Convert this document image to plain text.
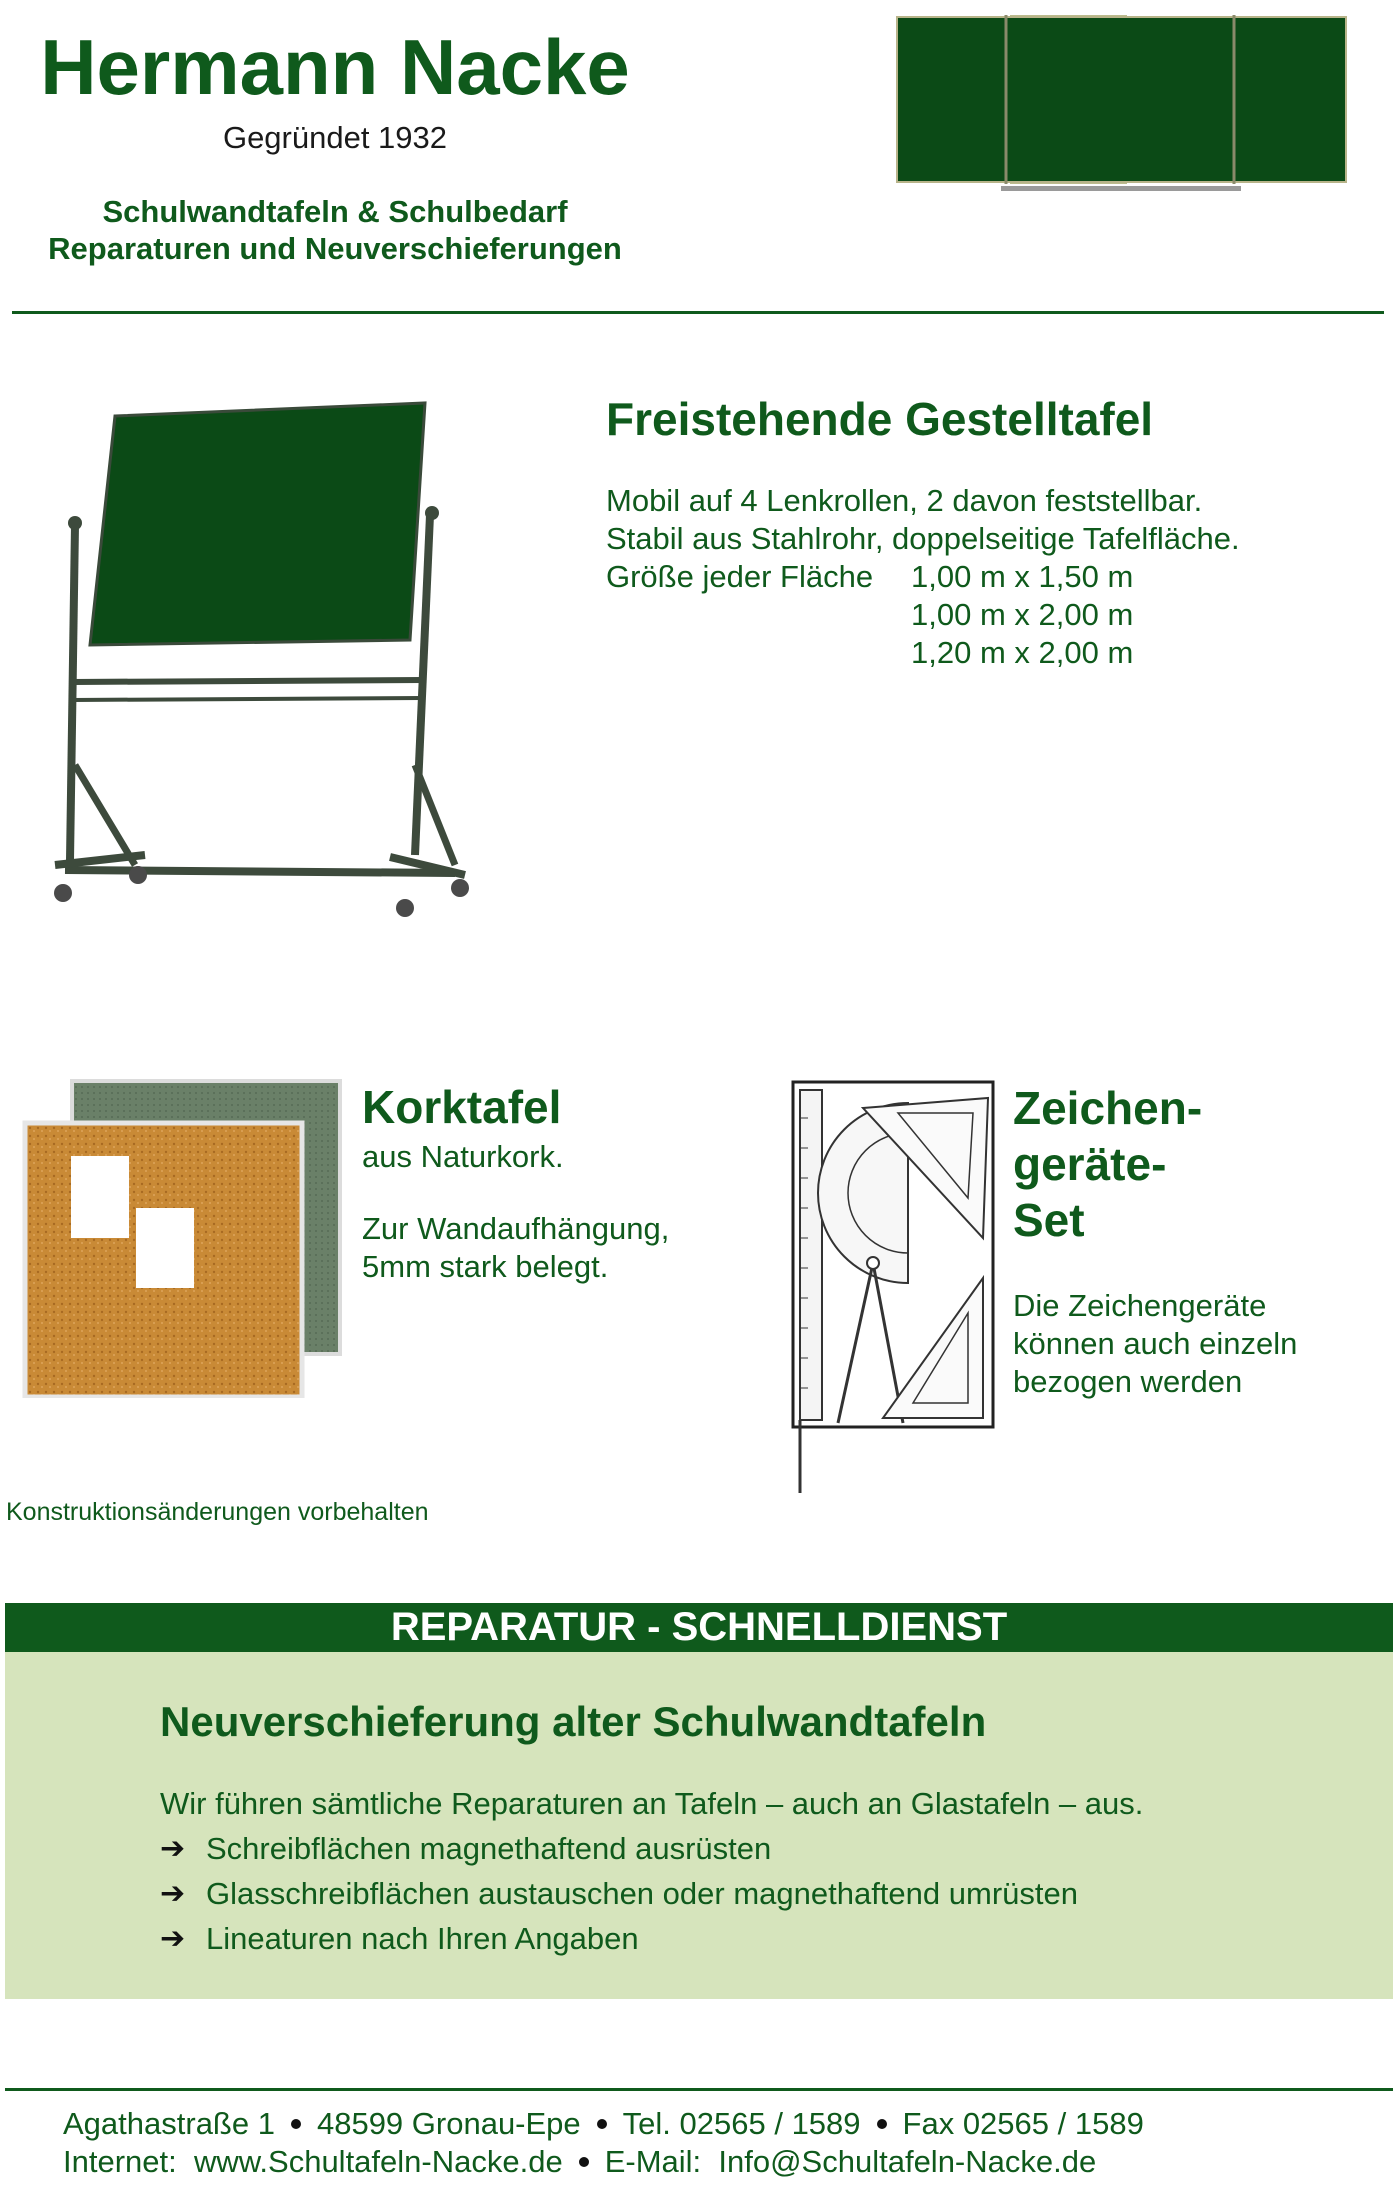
Hermann Nacke
Gegründet 1932
Schulwandtafeln & Schulbedarf
Reparaturen und Neuverschieferungen
Freistehende Gestelltafel
Mobil auf 4 Lenkrollen, 2 davon feststellbar.
Stabil aus Stahlrohr, doppelseitige Tafelfläche.
Größe jeder Fläche 1,00 m x 1,50 m
1,00 m x 2,00 m
1,20 m x 2,00 m
Korktafel
aus Naturkork.
Zur Wandaufhängung,
5mm stark belegt.
Zeichen-
geräte-
Set
Die Zeichengeräte
können auch einzeln
bezogen werden
Konstruktionsänderungen vorbehalten
REPARATUR - SCHNELLDIENST
Neuverschieferung alter Schulwandtafeln
Wir führen sämtliche Reparaturen an Tafeln – auch an Glastafeln – aus.
➔ Schreibflächen magnethaftend ausrüsten
➔ Glasschreibflächen austauschen oder magnethaftend umrüsten
➔ Lineaturen nach Ihren Angaben
Agathastraße 1 48599 Gronau-Epe Tel. 02565 / 1589 Fax 02565 / 1589
Internet:  www.Schultafeln-Nacke.de E-Mail:  Info@Schultafeln-Nacke.de
